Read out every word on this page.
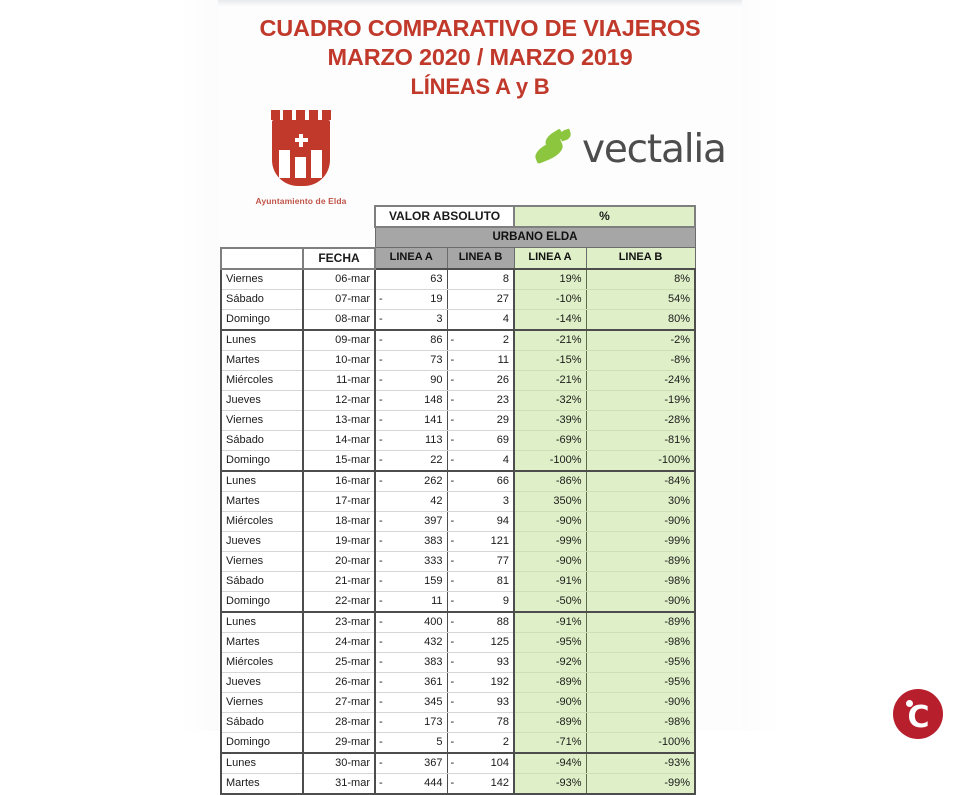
CUADRO COMPARATIVO DE VIAJEROS
MARZO 2020 / MARZO 2019
LÍNEAS A y B
Ayuntamiento de Elda
vectalia
		VALOR ABSOLUTO		%	
		URBANO ELDA			
	FECHA	LINEA A	LINEA B	LINEA A	LINEA B
Viernes	06-mar	63	8	19%	8%
Sábado	07-mar	- 19	27	-10%	54%
Domingo	08-mar	- 3	4	-14%	80%
Lunes	09-mar	- 86	- 2	-21%	-2%
Martes	10-mar	- 73	- 11	-15%	-8%
Miércoles	11-mar	- 90	- 26	-21%	-24%
Jueves	12-mar	- 148	- 23	-32%	-19%
Viernes	13-mar	- 141	- 29	-39%	-28%
Sábado	14-mar	- 113	- 69	-69%	-81%
Domingo	15-mar	- 22	- 4	-100%	-100%
Lunes	16-mar	- 262	- 66	-86%	-84%
Martes	17-mar	42	3	350%	30%
Miércoles	18-mar	- 397	- 94	-90%	-90%
Jueves	19-mar	- 383	- 121	-99%	-99%
Viernes	20-mar	- 333	- 77	-90%	-89%
Sábado	21-mar	- 159	- 81	-91%	-98%
Domingo	22-mar	- 11	- 9	-50%	-90%
Lunes	23-mar	- 400	- 88	-91%	-89%
Martes	24-mar	- 432	- 125	-95%	-98%
Miércoles	25-mar	- 383	- 93	-92%	-95%
Jueves	26-mar	- 361	- 192	-89%	-95%
Viernes	27-mar	- 345	- 93	-90%	-90%
Sábado	28-mar	- 173	- 78	-89%	-98%
Domingo	29-mar	- 5	- 2	-71%	-100%
Lunes	30-mar	- 367	- 104	-94%	-93%
Martes	31-mar	- 444	- 142	-93%	-99%
C
